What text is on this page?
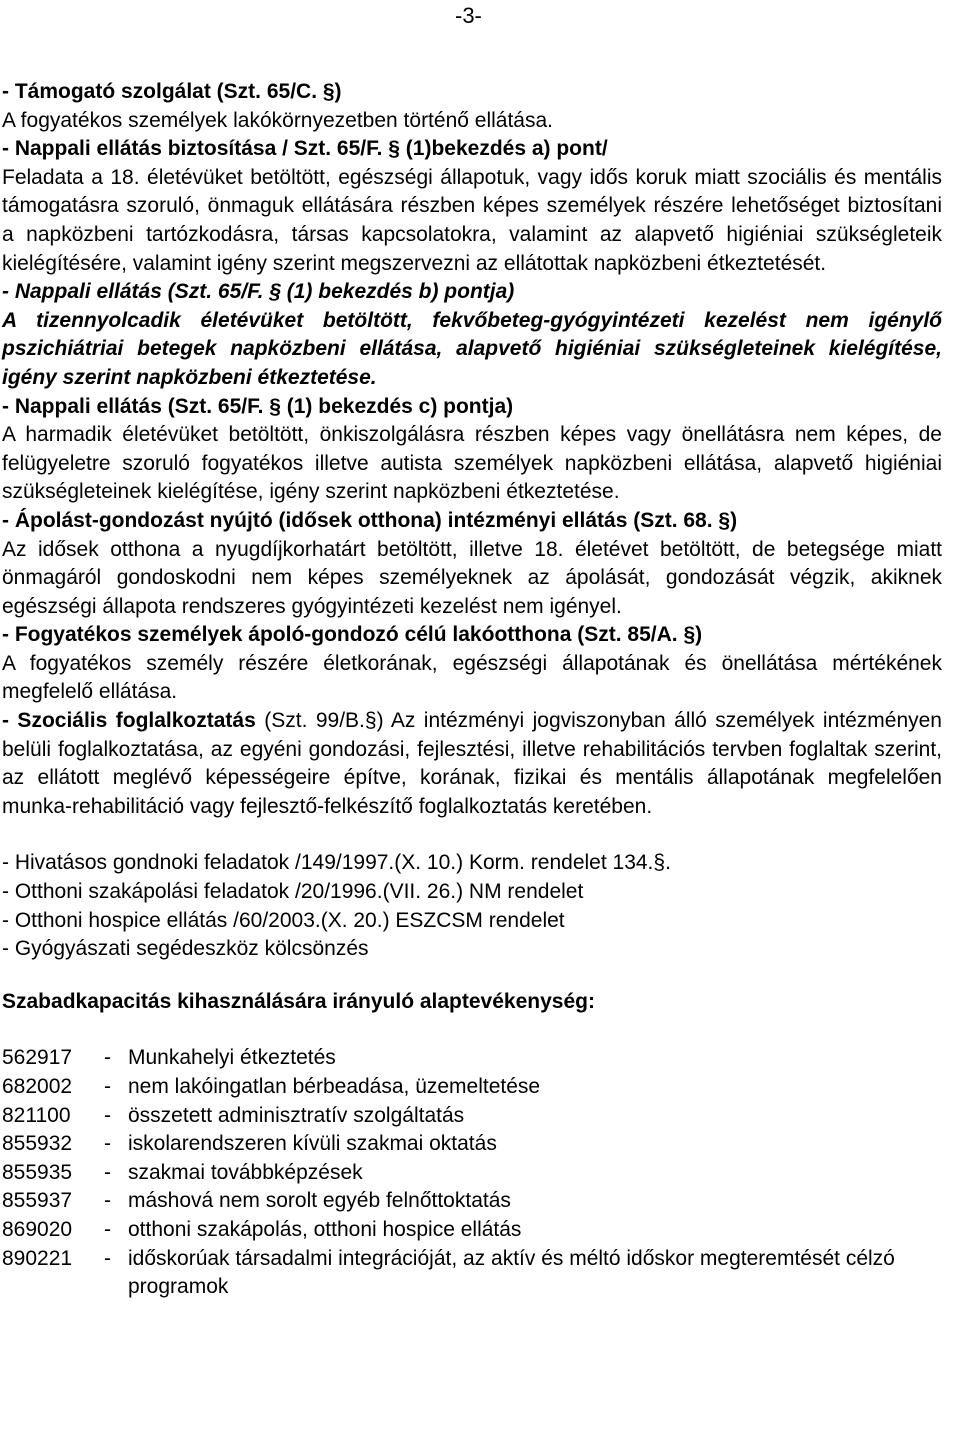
-3-

- Támogató szolgálat (Szt. 65/C. §)

A fogyatékos személyek lakókörnyezetben történő ellátása.

- Nappali ellátás biztosítása / Szt. 65/F. § (1)bekezdés a) pont/

Feladata a 18. életévüket betöltött, egészségi állapotuk, vagy idős koruk miatt szociális és mentális támogatásra szoruló, önmaguk ellátására részben képes személyek részére lehetőséget biztosítani a napközbeni tartózkodásra, társas kapcsolatokra, valamint az alapvető higiéniai szükségleteik kielégítésére, valamint igény szerint megszervezni az ellátottak napközbeni étkeztetését.

- Nappali ellátás (Szt. 65/F. § (1) bekezdés b) pontja)

A tizennyolcadik életévüket betöltött, fekvőbeteg-gyógyintézeti kezelést nem igénylő pszichiátriai betegek napközbeni ellátása, alapvető higiéniai szükségleteinek kielégítése, igény szerint napközbeni étkeztetése.

- Nappali ellátás (Szt. 65/F. § (1) bekezdés c) pontja)

A harmadik életévüket betöltött, önkiszolgálásra részben képes vagy önellátásra nem képes, de felügyeletre szoruló fogyatékos illetve autista személyek napközbeni ellátása, alapvető higiéniai szükségleteinek kielégítése, igény szerint napközbeni étkeztetése.

- Ápolást-gondozást nyújtó (idősek otthona) intézményi ellátás (Szt. 68. §)

Az idősek otthona a nyugdíjkorhatárt betöltött, illetve 18. életévet betöltött, de betegsége miatt önmagáról gondoskodni nem képes személyeknek az ápolását, gondozását végzik, akiknek egészségi állapota rendszeres gyógyintézeti kezelést nem igényel.

- Fogyatékos személyek ápoló-gondozó célú lakóotthona (Szt. 85/A. §)

A fogyatékos személy részére életkorának, egészségi állapotának és önellátása mértékének megfelelő ellátása.

- Szociális foglalkoztatás (Szt. 99/B.§) Az intézményi jogviszonyban álló személyek intézményen belüli foglalkoztatása, az egyéni gondozási, fejlesztési, illetve rehabilitációs tervben foglaltak szerint, az ellátott meglévő képességeire építve, korának, fizikai és mentális állapotának megfelelően munka-rehabilitáció vagy fejlesztő-felkészítő foglalkoztatás keretében.

- Hivatásos gondnoki feladatok /149/1997.(X. 10.) Korm. rendelet 134.§.

- Otthoni szakápolási feladatok /20/1996.(VII. 26.) NM rendelet

- Otthoni hospice ellátás /60/2003.(X. 20.) ESZCSM rendelet

- Gyógyászati segédeszköz kölcsönzés

Szabadkapacitás kihasználására irányuló alaptevékenység:

562917	- Munkahelyi étkeztetés
682002	- nem lakóingatlan bérbeadása, üzemeltetése
821100	- összetett adminisztratív szolgáltatás
855932	- iskolarendszeren kívüli szakmai oktatás
855935	- szakmai továbbképzések
855937	- máshová nem sorolt egyéb felnőttoktatás
869020	- otthoni szakápolás, otthoni hospice ellátás
890221	- időskorúak társadalmi integrációját, az aktív és méltó időskor megteremtését célzó programok
